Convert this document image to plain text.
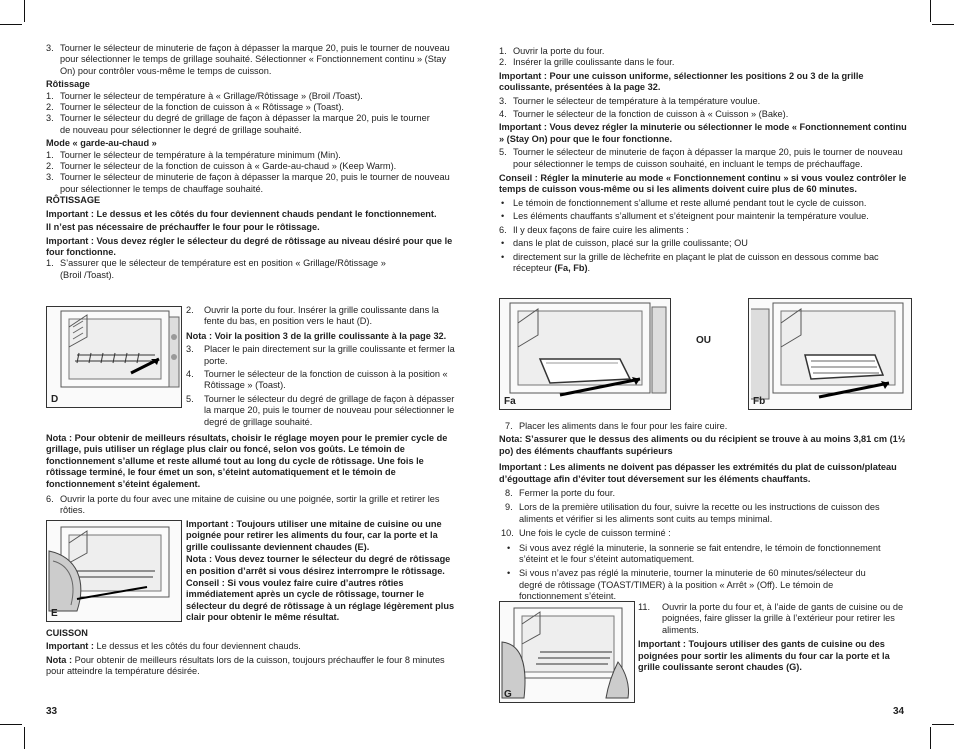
3. Tourner le sélecteur de minuterie de façon à dépasser la marque 20, puis le tourner de nouveau pour sélectionner le temps de grillage souhaité. Sélectionner « Fonctionnement continu » (Stay On) pour contrôler vous-même le temps de cuisson.
Rôtissage
1. Tourner le sélecteur de température à « Grillage/Rôtissage » (Broil /Toast).
2. Tourner le sélecteur de la fonction de cuisson à « Rôtissage » (Toast).
3. Tourner le sélecteur du degré de grillage de façon à dépasser la marque 20, puis le tourner de nouveau pour sélectionner le degré de grillage souhaité.
Mode « garde-au-chaud »
1. Tourner le sélecteur de température à la température minimum (Min).
2. Tourner le sélecteur de la fonction de cuisson à « Garde-au-chaud » (Keep Warm).
3. Tourner le sélecteur de minuterie de façon à dépasser la marque 20, puis le tourner de nouveau pour sélectionner le temps de chauffage souhaité.
RÔTISSAGE
Important : Le dessus et les côtés du four deviennent chauds pendant le fonctionnement.
Il n’est pas nécessaire de préchauffer le four pour le rôtissage.
Important : Vous devez régler le sélecteur du degré de rôtissage au niveau désiré pour que le four fonctionne.
1. S’assurer que le sélecteur de température est en position « Grillage/Rôtissage » (Broil /Toast).
D
2. Ouvrir la porte du four. Insérer la grille coulissante dans la fente du bas, en position vers le haut (D).
Nota : Voir la position 3 de la grille coulissante à la page 32.
3. Placer le pain directement sur la grille coulissante et fermer la porte.
4. Tourner le sélecteur de la fonction de cuisson à la position « Rôtissage » (Toast).
5. Tourner le sélecteur du degré de grillage de façon à dépasser la marque 20, puis le tourner de nouveau pour sélectionner le degré de grillage souhaité.
Nota : Pour obtenir de meilleurs résultats, choisir le réglage moyen pour le premier cycle de grillage, puis utiliser un réglage plus clair ou foncé, selon vos goûts. Le témoin de fonctionnement s’allume et reste allumé tout au long du cycle de rôtissage. Une fois le rôtissage terminé, le four émet un son, s’éteint automatiquement et le témoin de fonctionnement s’éteint également.
6. Ouvrir la porte du four avec une mitaine de cuisine ou une poignée, sortir la grille et retirer les rôties.
E
Important : Toujours utiliser une mitaine de cuisine ou une poignée pour retirer les aliments du four, car la porte et la grille coulissante deviennent chaudes (E).
Nota : Vous devez tourner le sélecteur du degré de rôtissage en position d’arrêt si vous désirez interrompre le rôtissage.
Conseil : Si vous voulez faire cuire d’autres rôties immédiatement après un cycle de rôtissage, tourner le sélecteur du degré de rôtissage à un réglage légèrement plus clair pour obtenir le même résultat.
CUISSON
Important : Le dessus et les côtés du four deviennent chauds.
Nota : Pour obtenir de meilleurs résultats lors de la cuisson, toujours préchauffer le four 8 minutes pour atteindre la température désirée.
33
1. Ouvrir la porte du four.
2. Insérer la grille coulissante dans le four.
Important : Pour une cuisson uniforme, sélectionner les positions 2 ou 3 de la grille coulissante, présentées à la page 32.
3. Tourner le sélecteur de température à la température voulue.
4. Tourner le sélecteur de la fonction de cuisson à « Cuisson » (Bake).
Important : Vous devez régler la minuterie ou sélectionner le mode « Fonctionnement continu » (Stay On) pour que le four fonctionne.
5. Tourner le sélecteur de minuterie de façon à dépasser la marque 20, puis le tourner de nouveau pour sélectionner le temps de cuisson souhaité, en incluant le temps de préchauffage.
Conseil : Régler la minuterie au mode « Fonctionnement continu » si vous voulez contrôler le temps de cuisson vous-même ou si les aliments doivent cuire plus de 60 minutes.
• Le témoin de fonctionnement s’allume et reste allumé pendant tout le cycle de cuisson.
• Les éléments chauffants s’allument et s’éteignent pour maintenir la température voulue.
6. Il y deux façons de faire cuire les aliments :
• dans le plat de cuisson, placé sur la grille coulissante; OU
• directement sur la grille de lèchefrite en plaçant le plat de cuisson en dessous comme bac récepteur (Fa, Fb).
Fa
OU
Fb
7. Placer les aliments dans le four pour les faire cuire.
Nota: S’assurer que le dessus des aliments ou du récipient se trouve à au moins 3,81 cm (1½ po) des éléments chauffants supérieurs
Important : Les aliments ne doivent pas dépasser les extrémités du plat de cuisson/plateau d’égouttage afin d’éviter tout déversement sur les éléments chauffants.
8. Fermer la porte du four.
9. Lors de la première utilisation du four, suivre la recette ou les instructions de cuisson des aliments et vérifier si les aliments sont cuits au temps minimal.
10. Une fois le cycle de cuisson terminé :
• Si vous avez réglé la minuterie, la sonnerie se fait entendre, le témoin de fonctionnement s’éteint et le four s’éteint automatiquement.
• Si vous n’avez pas réglé la minuterie, tourner la minuterie de 60 minutes/sélecteur du degré de rôtissage (TOAST/TIMER) à la position « Arrêt » (Off). Le témoin de fonctionnement s’éteint.
G
11. Ouvrir la porte du four et, à l’aide de gants de cuisine ou de poignées, faire glisser la grille à l’extérieur pour retirer les aliments.
Important : Toujours utiliser des gants de cuisine ou des poignées pour sortir les aliments du four car la porte et la grille coulissante seront chaudes (G).
34
